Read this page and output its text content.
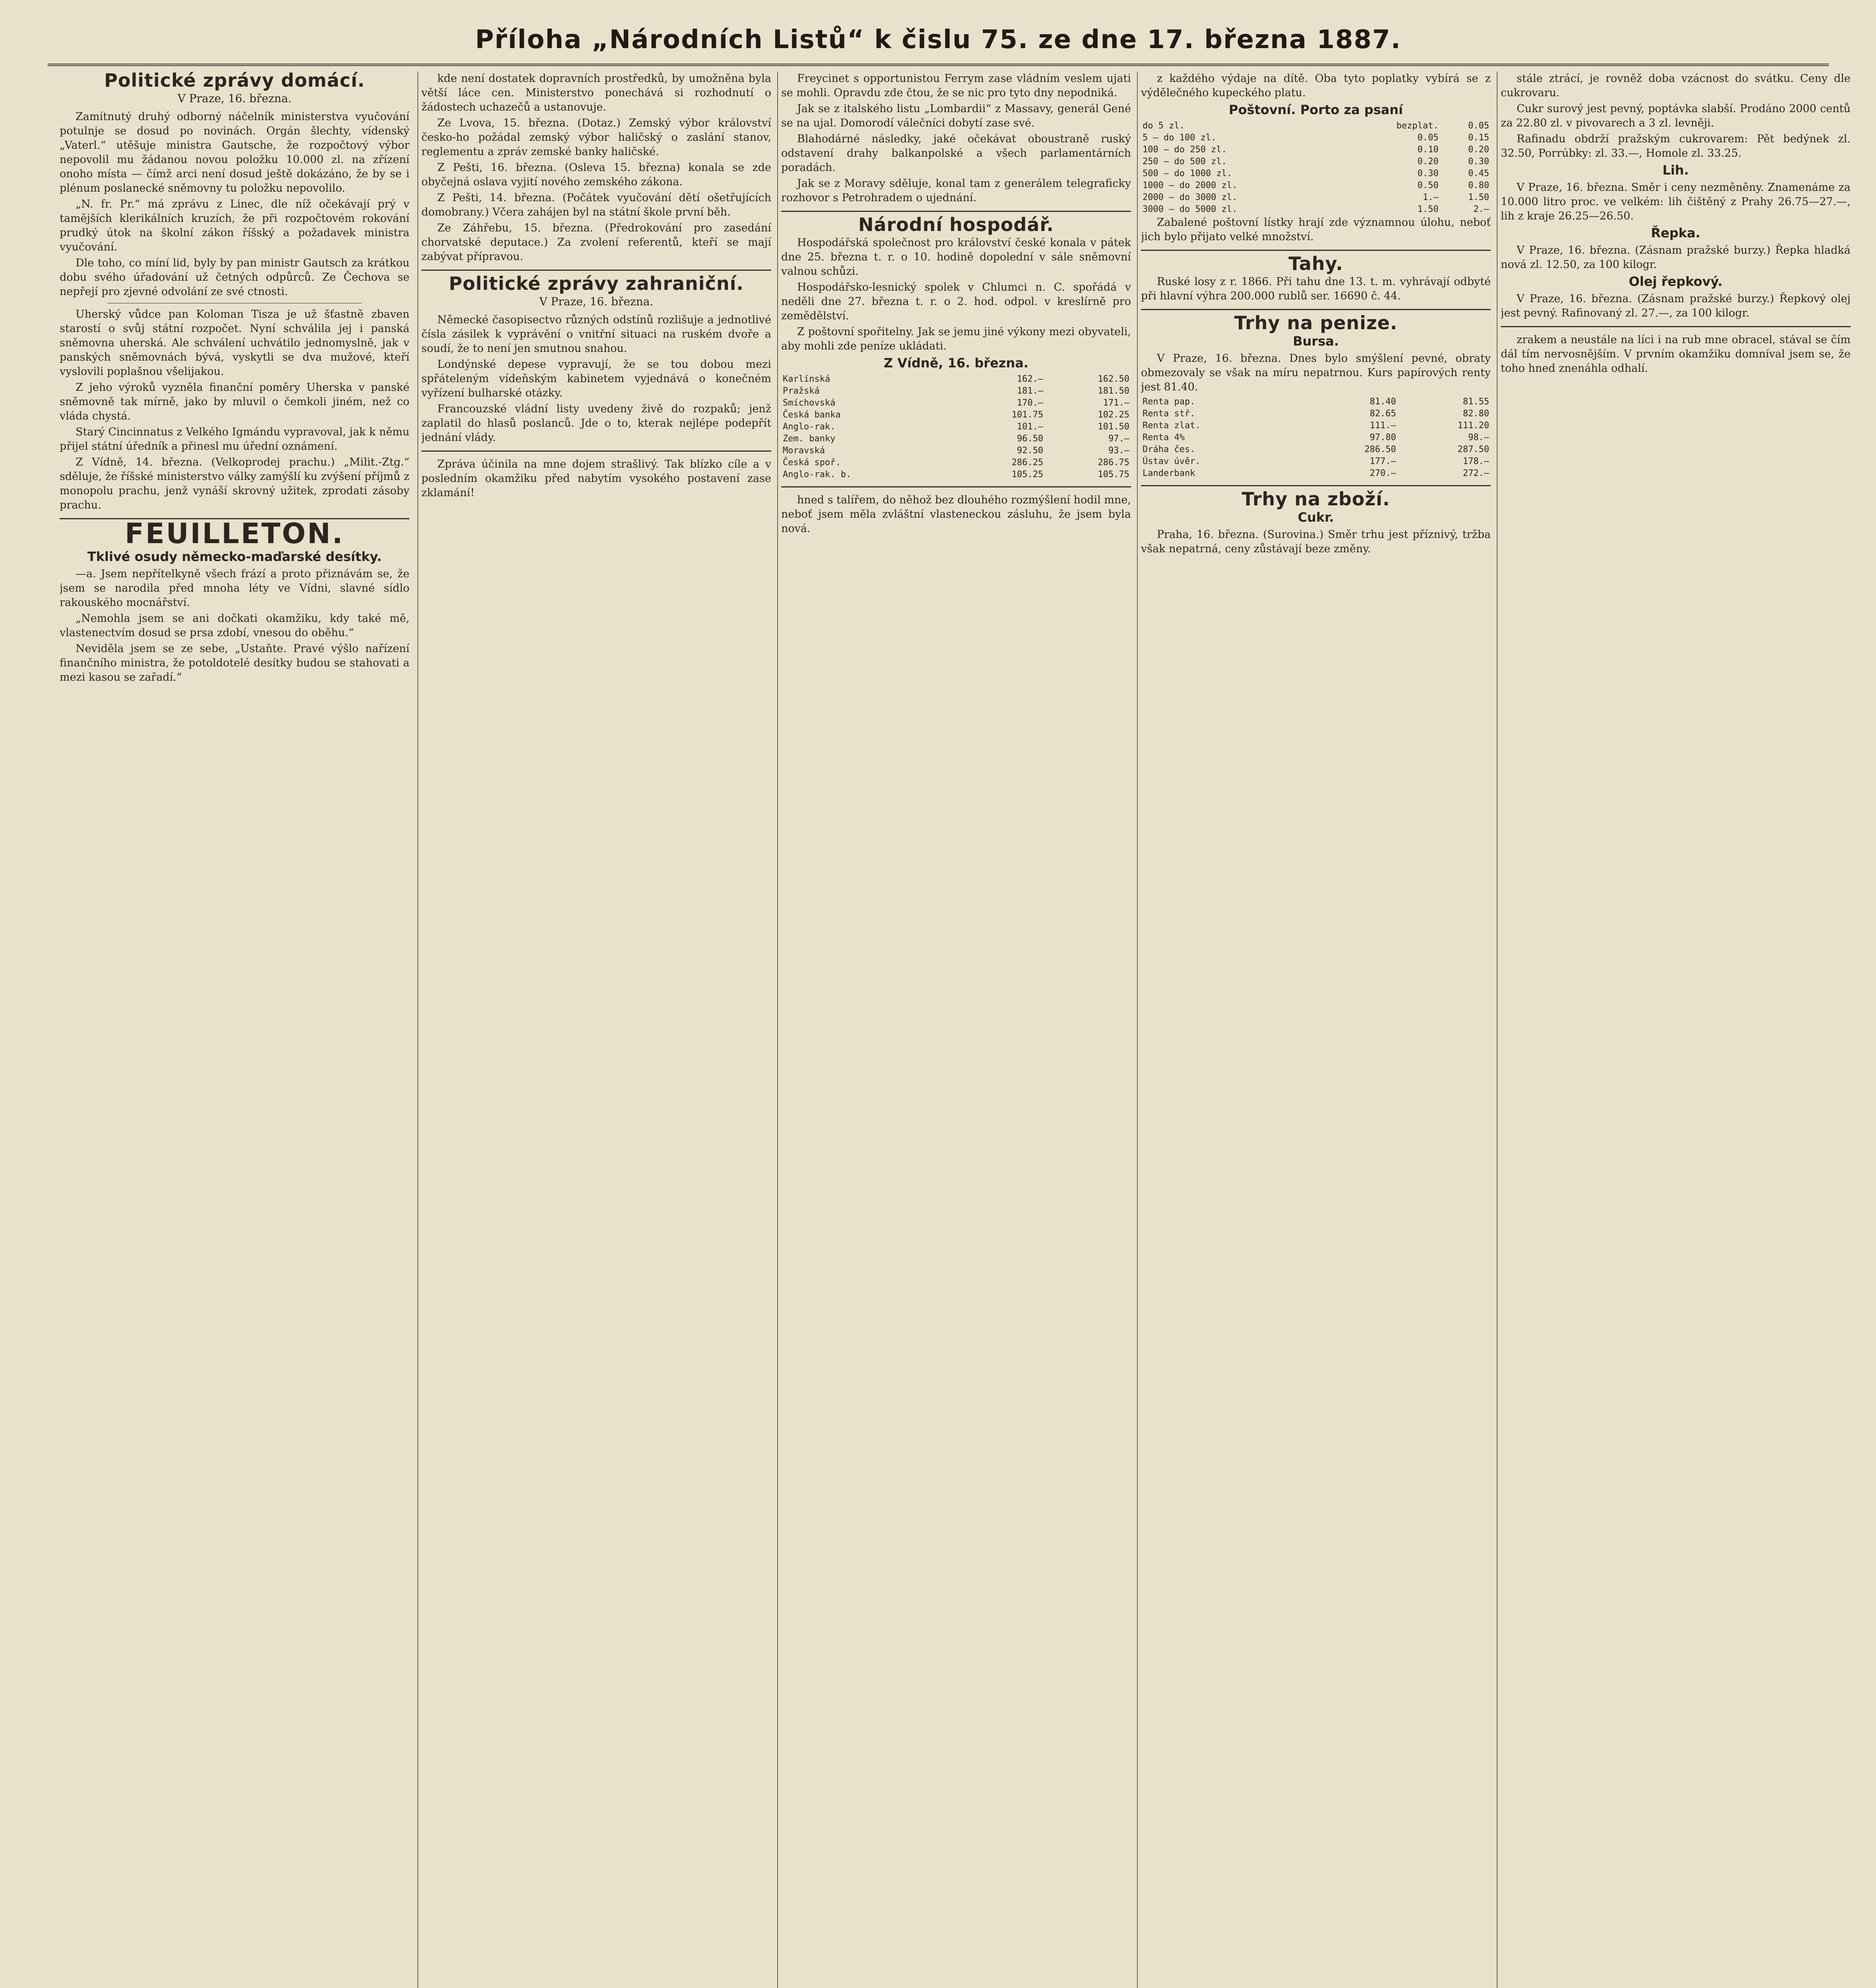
Příloha „Národních Listů“ k čislu 75. ze dne 17. března 1887.
Politické zprávy domácí.
V Praze, 16. března.

Zamítnutý druhý odborný náčelník ministerstva vyučování potulnje se dosud po novinách. Orgán šlechty, vídenský „Vaterl.“ utěšuje ministra Gautsche, že rozpočtový výbor nepovolil mu žádanou novou položku 10.000 zl. na zřízení onoho místa — čímž arci není dosud ještě dokázáno, že by se i plénum poslanecké sněmovny tu položku nepovolilo.

„N. fr. Pr.“ má zprávu z Linec, dle níž očekávají prý v tamějších klerikálních kruzích, že při rozpočtovém rokování prudký útok na školní zákon říšský a požadavek ministra vyučování.

Dle toho, co míní lid, byly by pan ministr Gautsch za krátkou dobu svého úřadování už četných odpůrců. Ze Čechova se nepřejí pro zjevné odvolání ze své ctnosti.

Uherský vůdce pan Koloman Tisza je už šťastně zbaven starostí o svůj státní rozpočet. Nyní schválila jej i panská sněmovna uherská. Ale schválení uchvátilo jednomyslně, jak v panských sněmovnách bývá, vyskytli se dva mužové, kteří vyslovili poplašnou všelijakou.

Z jeho výroků vyzněla finanční poměry Uherska v panské sněmovně tak mírně, jako by mluvil o čemkoli jiném, než co vláda chystá.

Starý Cincinnatus z Velkého Igmándu vypravoval, jak k němu přijel státní úředník a přinesl mu úřední oznámení.

Z Vídně, 14. března. (Velkoprodej prachu.) „Milit.-Ztg.“ sděluje, že říšské ministerstvo války zamýšlí ku zvýšení příjmů z monopolu prachu, jenž vynáší skrovný užitek, zprodati zásoby prachu.

FEUILLETON.
Tklivé osudy německo-maďarské desítky.

—a. Jsem nepřítelkyně všech frází a proto přiznávám se, že jsem se narodila před mnoha léty ve Vídni, slavné sídlo rakouského mocnářství.

„Nemohla jsem se ani dočkati okamžiku, kdy také mě, vlastenectvím dosud se prsa zdobí, vnesou do oběhu.“

Neviděla jsem se ze sebe, „Ustaňte. Pravé výšlo nařízení finančního ministra, že potoldotelé desítky budou se stahovati a mezi kasou se zařadí.“

kde není dostatek dopravních prostředků, by umožněna byla větší láce cen. Ministerstvo ponechává si rozhodnutí o žádostech uchazečů a ustanovuje.

Ze Lvova, 15. března. (Dotaz.) Zemský výbor království česko-ho požádal zemský výbor haličský o zaslání stanov, reglementu a zpráv zemské banky haličské.

Z Pešti, 16. března. (Osleva 15. března) konala se zde obyčejná oslava vyjití nového zemského zákona.

Z Pešti, 14. března. (Počátek vyučování dětí ošetřujících domobrany.) Včera zahájen byl na státní škole první běh.

Ze Záhřebu, 15. března. (Předrokování pro zasedání chorvatské deputace.) Za zvolení referentů, kteří se mají zabývat přípravou.

Politické zprávy zahraniční.
V Praze, 16. března.

Německé časopisectvo různých odstínů rozlišuje a jednotlivé čísla zásilek k vyprávění o vnitřní situaci na ruském dvoře a soudí, že to není jen smutnou snahou.

Londýnské depese vypravují, že se tou dobou mezi spřáteleným vídeňským kabinetem vyjednává o konečném vyřízení bulharské otázky.

Francouzské vládní listy uvedeny živě do rozpaků; jenž zaplatil do hlasů poslanců. Jde o to, kterak nejlépe podepřít jednání vlády.

Zpráva účinila na mne dojem strašlivý. Tak blízko cíle a v posledním okamžiku před nabytím vysokého postavení zase zklamání!

Freycinet s opportunistou Ferrym zase vládním veslem ujati se mohli. Opravdu zde čtou, že se nic pro tyto dny nepodniká.

Jak se z italského listu „Lombardii“ z Massavy, generál Gené se na ujal. Domorodí válečníci dobytí zase své.

Blahodárné následky, jaké očekávat oboustraně ruský odstavení drahy balkanpolské a všech parlamentárních poradách.

Jak se z Moravy sděluje, konal tam z generálem telegraficky rozhovor s Petrohradem o ujednání.

Národní hospodář.

Hospodářská společnost pro království české konala v pátek dne 25. března t. r. o 10. hodině dopolední v sále sněmovní valnou schůzi.

Hospodářsko-lesnický spolek v Chlumci n. C. spořádá v neděli dne 27. března t. r. o 2. hod. odpol. v kreslírně pro zemědělství.

Z poštovní spořitelny. Jak se jemu jiné výkony mezi obyvateli, aby mohli zde peníze ukládati.

Z Vídně, 16. března.
Karlínská	162.—	162.50
Pražská	181.—	181.50
Smíchovská	170.—	171.—
Česká banka	101.75	102.25
Anglo-rak.	101.—	101.50
Zem. banky	96.50	97.—
Moravská	92.50	93.—
Česká spoř.	286.25	286.75
Anglo-rak. b.	105.25	105.75

hned s talířem, do něhož bez dlouhého rozmýšlení hodil mne, neboť jsem měla zvláštní vlasteneckou zásluhu, že jsem byla nová.

z každého výdaje na dítě. Oba tyto poplatky vybírá se z výdělečného kupeckého platu.

Poštovní. Porto za psaní
do 5 zl.	bezplat.	0.05
5 — do 100 zl.	0.05	0.15
100 — do 250 zl.	0.10	0.20
250 — do 500 zl.	0.20	0.30
500 — do 1000 zl.	0.30	0.45
1000 — do 2000 zl.	0.50	0.80
2000 — do 3000 zl.	1.—	1.50
3000 — do 5000 zl.	1.50	2.—

Zabalené poštovní lístky hrají zde významnou úlohu, neboť jich bylo přijato velké množství.

Tahy.

Ruské losy z r. 1866. Při tahu dne 13. t. m. vyhrávají odbyté při hlavní výhra 200.000 rublů ser. 16690 č. 44.

Trhy na penize.
Bursa.

V Praze, 16. března. Dnes bylo smýšlení pevné, obraty obmezovaly se však na míru nepatrnou. Kurs papírových renty jest 81.40.

Renta pap.	81.40	81.55
Renta stř.	82.65	82.80
Renta zlat.	111.—	111.20
Renta 4%	97.80	98.—
Dráha čes.	286.50	287.50
Ústav úvěr.	177.—	178.—
Landerbank	270.—	272.—
Trhy na zboží.
Cukr.

Praha, 16. března. (Surovina.) Směr trhu jest příznivý, tržba však nepatrná, ceny zůstávají beze změny.

stále ztrácí, je rovněž doba vzácnost do svátku. Ceny dle cukrovaru.

Cukr surový jest pevný, poptávka slabší. Prodáno 2000 centů za 22.80 zl. v pivovarech a 3 zl. levněji.

Rafinadu obdrží pražským cukrovarem: Pět bedýnek zl. 32.50, Porrúbky: zl. 33.—, Homole zl. 33.25.

Lih.

V Praze, 16. března. Směr i ceny nezměněny. Znamenáme za 10.000 litro proc. ve velkém: lih čištěný z Prahy 26.75—27.—, lih z kraje 26.25—26.50.

Řepka.

V Praze, 16. března. (Zásnam pražské burzy.) Řepka hladká nová zl. 12.50, za 100 kilogr.

Olej řepkový.

V Praze, 16. března. (Zásnam pražské burzy.) Řepkový olej jest pevný. Rafinovaný zl. 27.—, za 100 kilogr.

zrakem a neustále na líci i na rub mne obracel, stával se čím dál tím nervosnějším. V prvním okamžiku domníval jsem se, že toho hned znenáhla odhalí.
